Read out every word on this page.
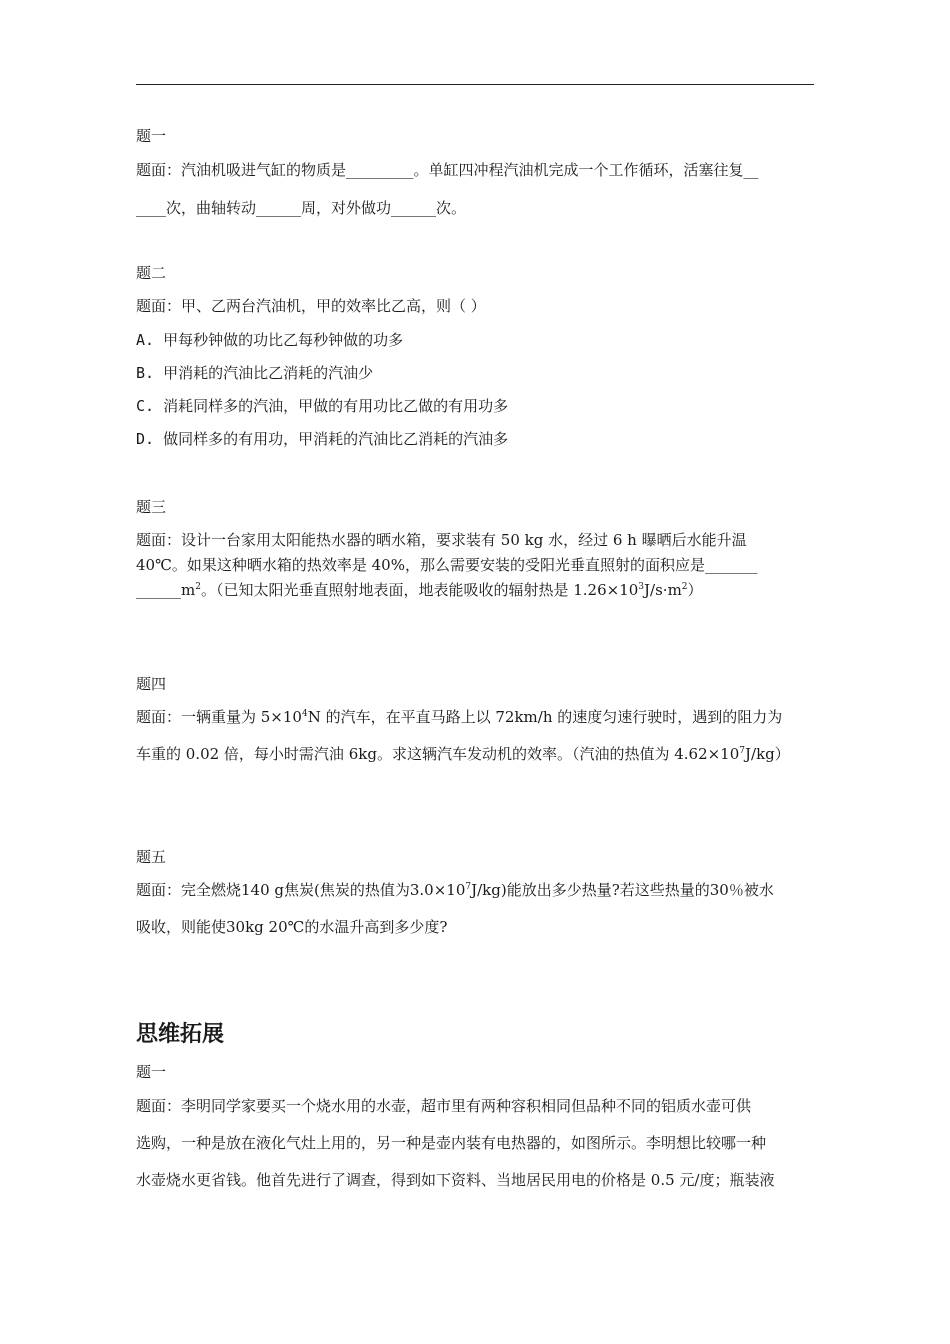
题一
题面：汽油机吸进气缸的物质是_________。单缸四冲程汽油机完成一个工作循环，活塞往复__
____次，曲轴转动______周，对外做功______次。
题二
题面：甲、乙两台汽油机，甲的效率比乙高，则（ ）
A. 甲每秒钟做的功比乙每秒钟做的功多
B. 甲消耗的汽油比乙消耗的汽油少
C. 消耗同样多的汽油，甲做的有用功比乙做的有用功多
D. 做同样多的有用功，甲消耗的汽油比乙消耗的汽油多
题三
题面：设计一台家用太阳能热水器的晒水箱，要求装有 50 kg 水，经过 6 h 曝晒后水能升温
40℃。如果这种晒水箱的热效率是 40%，那么需要安装的受阳光垂直照射的面积应是_______
$\_\_\_\_\_\_m^2$。（已知太阳光垂直照射地表面，地表能吸收的辐射热是 $1.26\times 10^3J/s\cdot m^2$）
题四
题面：一辆重量为 $5\times 10^4N$ 的汽车，在平直马路上以 72km/h 的速度匀速行驶时，遇到的阻力为
车重的 0.02 倍，每小时需汽油 6kg。求这辆汽车发动机的效率。（汽油的热值为 $4.62\times 10^7J/kg$）
题五
题面：完全燃烧140 g焦炭(焦炭的热值为$3.0\times 10^7J/kg$)能放出多少热量?若这些热量的30％被水
吸收，则能使30kg 20℃的水温升高到多少度?
思维拓展
题一
题面：李明同学家要买一个烧水用的水壶，超市里有两种容积相同但品种不同的铝质水壶可供
选购，一种是放在液化气灶上用的，另一种是壶内装有电热器的，如图所示。李明想比较哪一种
水壶烧水更省钱。他首先进行了调查，得到如下资料、当地居民用电的价格是 0.5 元/度；瓶装液
